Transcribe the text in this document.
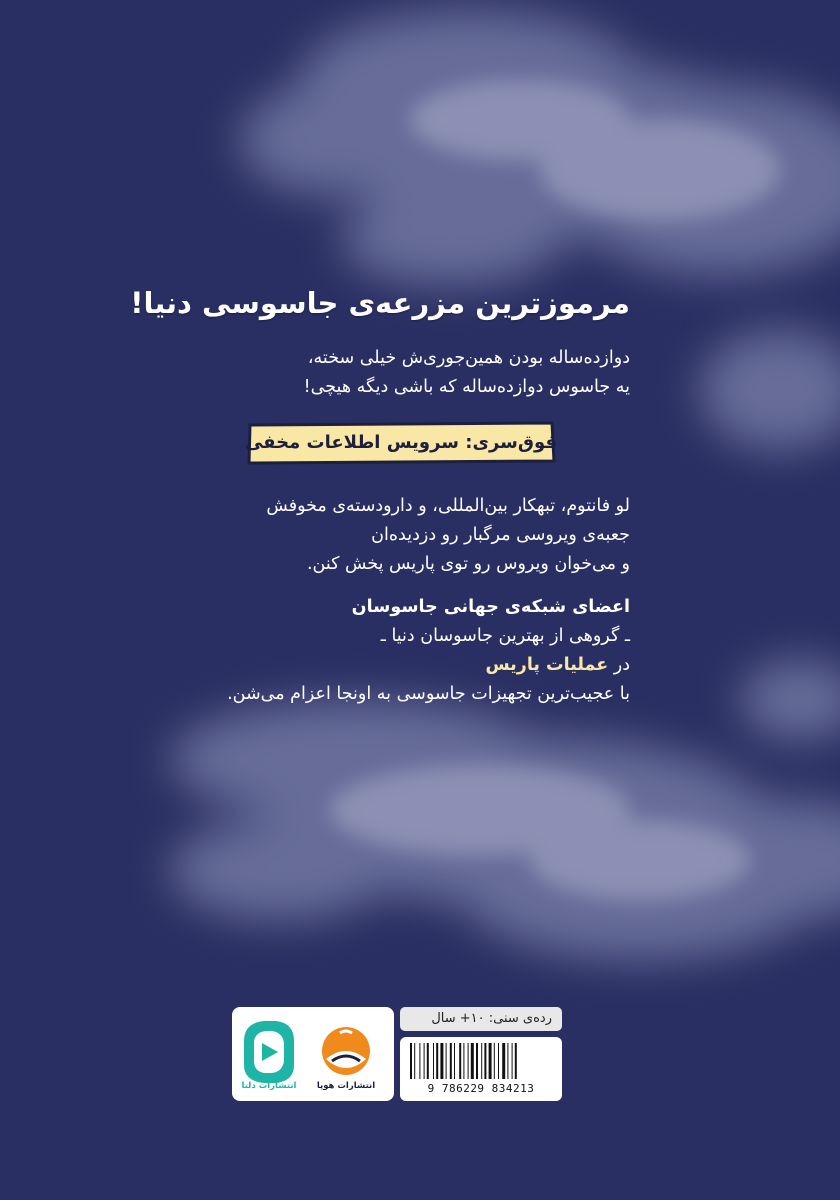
مرموزترین مزرعه‌ی جاسوسی دنیا!
دوازده‌ساله بودن همین‌جوری‌ش خیلی سخته،
یه جاسوس دوازده‌ساله که باشی دیگه هیچی!
فوق‌سری: سرویس اطلاعات مخفی
لو فانتوم، تبهکار بین‌المللی، و دارودسته‌ی مخوفش
جعبه‌ی ویروسی مرگبار رو دزدیده‌ان
و می‌خوان ویروس رو توی پاریس پخش کنن.
اعضای شبکه‌ی جهانی جاسوسان
ـ گروهی از بهترین جاسوسان دنیا ـ
در عملیات پاریس
با عجیب‌ترین تجهیزات جاسوسی به اونجا اعزام می‌شن.
رده‌ی سنی: ۱۰+ سال
9 786229 834213
انتشارات دلتا	انتشارات هوپا
